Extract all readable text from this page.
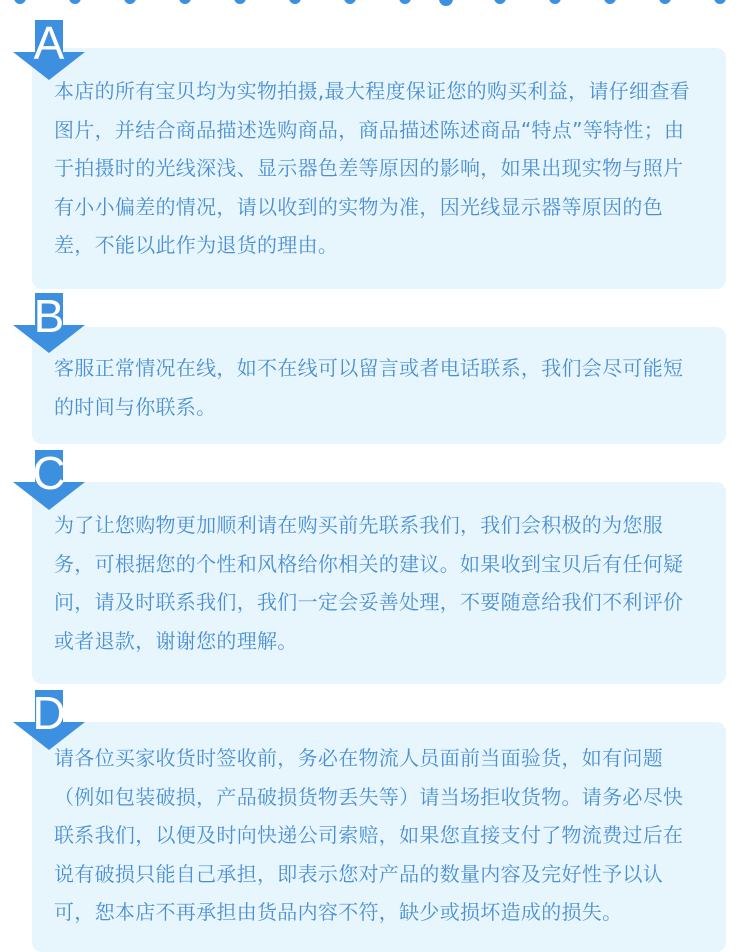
本店的所有宝贝均为实物拍摄,最大程度保证您的购买利益，请仔细查看图片，并结合商品描述选购商品，商品描述陈述商品“特点”等特性；由于拍摄时的光线深浅、显示器色差等原因的影响，如果出现实物与照片有小小偏差的情况，请以收到的实物为准，因光线显示器等原因的色差，不能以此作为退货的理由。

A

客服正常情况在线，如不在线可以留言或者电话联系，我们会尽可能短的时间与你联系。

B

为了让您购物更加顺利请在购买前先联系我们，我们会积极的为您服务，可根据您的个性和风格给你相关的建议。如果收到宝贝后有任何疑问，请及时联系我们，我们一定会妥善处理，不要随意给我们不利评价或者退款，谢谢您的理解。

C

请各位买家收货时签收前，务必在物流人员面前当面验货，如有问题（例如包装破损，产品破损货物丢失等）请当场拒收货物。请务必尽快联系我们，以便及时向快递公司索赔，如果您直接支付了物流费过后在说有破损只能自己承担，即表示您对产品的数量内容及完好性予以认可，恕本店不再承担由货品内容不符，缺少或损坏造成的损失。

D
